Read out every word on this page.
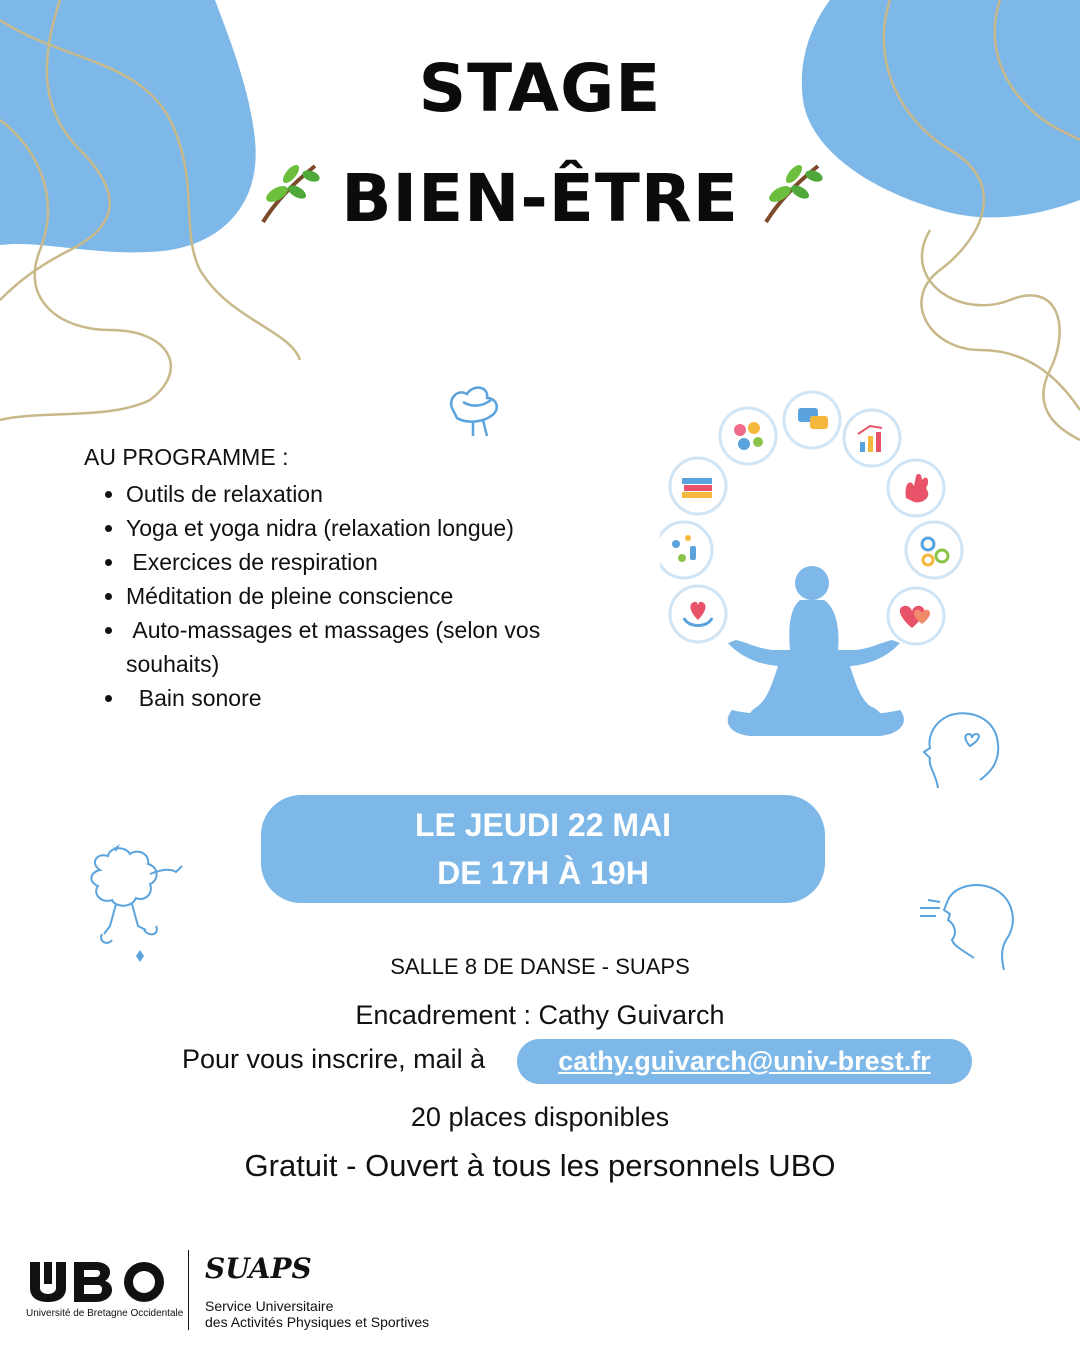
STAGE
BIEN-ÊTRE
AU PROGRAMME :
• Outils de relaxation
• Yoga et yoga nidra (relaxation longue)
•  Exercices de respiration
• Méditation de pleine conscience
•  Auto-massages et massages (selon vos souhaits)
•   Bain sonore
LE JEUDI 22 MAI
DE 17H À 19H
SALLE 8 DE DANSE - SUAPS
Encadrement : Cathy Guivarch
Pour vous inscrire, mail à	cathy.guivarch@univ-brest.fr
20 places disponibles
Gratuit - Ouvert à tous les personnels UBO
Université de Bretagne Occidentale
SUAPS
Service Universitaire
des Activités Physiques et Sportives
